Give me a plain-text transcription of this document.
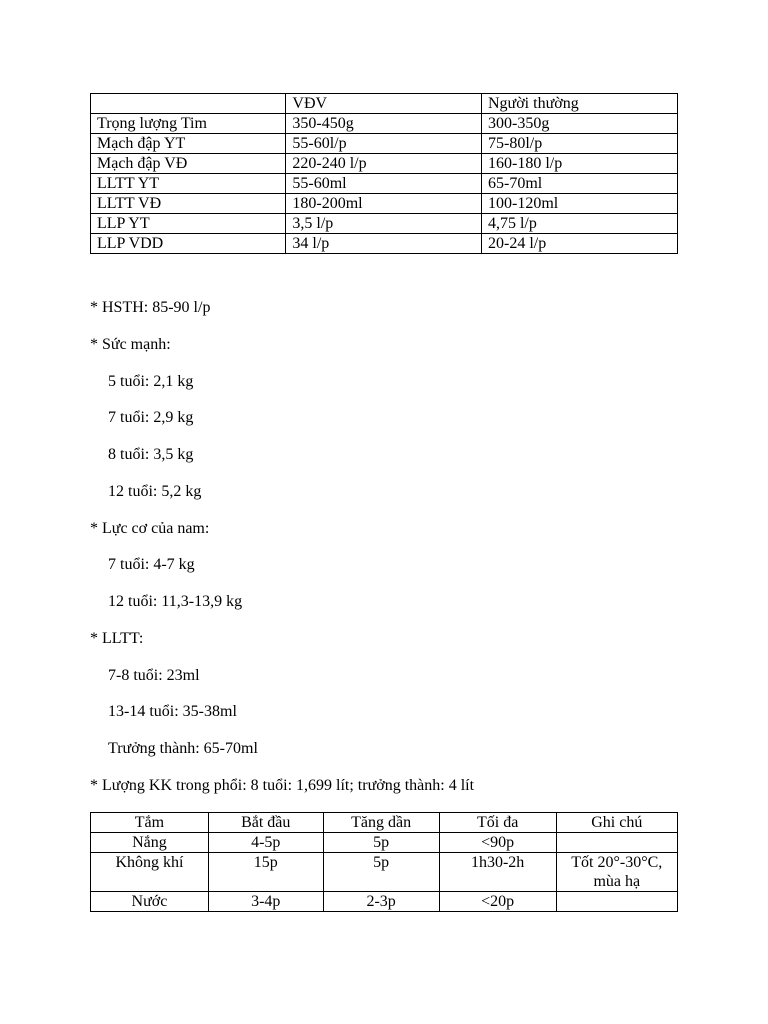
	VĐV	Người thường
Trọng lượng Tim	350-450g	300-350g
Mạch đập YT	55-60l/p	75-80l/p
Mạch đập VĐ	220-240 l/p	160-180 l/p
LLTT YT	55-60ml	65-70ml
LLTT VĐ	180-200ml	100-120ml
LLP YT	3,5 l/p	4,75 l/p
LLP VDD	34 l/p	20-24 l/p
* HSTH: 85-90 l/p
* Sức mạnh:
5 tuổi: 2,1 kg
7 tuổi: 2,9 kg
8 tuổi: 3,5 kg
12 tuổi: 5,2 kg
* Lực cơ của nam:
7 tuổi: 4-7 kg
12 tuổi: 11,3-13,9 kg
* LLTT:
7-8 tuổi: 23ml
13-14 tuổi: 35-38ml
Trưởng thành: 65-70ml
* Lượng KK trong phổi: 8 tuổi: 1,699 lít; trưởng thành: 4 lít
Tắm	Bắt đầu	Tăng dần	Tối đa	Ghi chú
Nắng	4-5p	5p	<90p	
Không khí	15p	5p	1h30-2h	Tốt 20°-30°C, mùa hạ
Nước	3-4p	2-3p	<20p	
